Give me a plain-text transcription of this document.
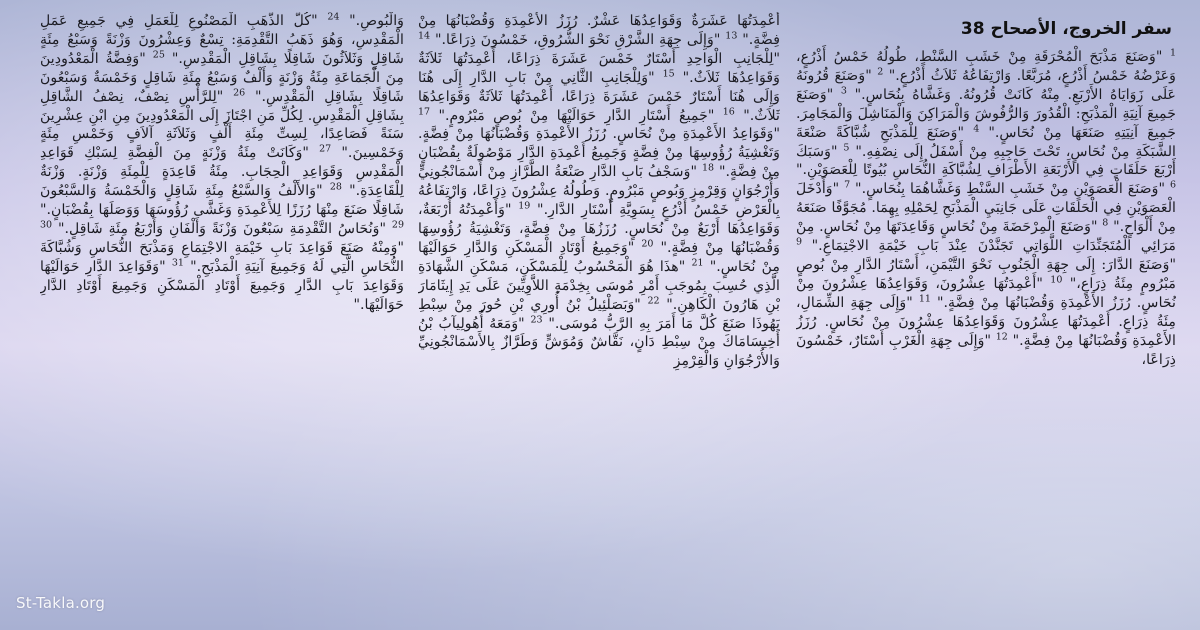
سفر الخروج، الأصحاح 38
$^1$ "وَصَنَعَ مَذْبَحَ الْمُحْرَقَةِ مِنْ خَشَبِ السَّنْطِ، طُولُهُ خَمْسُ أَذْرُعٍ، وَعَرْضُهُ خَمْسُ أَذْرُعٍ، مُرَبَّعًا. وَارْتِفَاعُهُ ثَلاَثُ أَذْرُعٍ." $^2$ "وَصَنَعَ قُرُونَهُ عَلَى زَوَايَاهُ الأَرْبَعِ. مِنْهُ كَانَتْ قُرُونُهُ. وَغَشَّاهُ بِنُحَاسٍ." $^3$ "وَصَنَعَ جَمِيعَ آنِيَةِ الْمَذْبَحِ: الْقُدُورَ وَالرُّفُوشَ وَالْمَرَاكِنَ وَالْمَنَاشِلَ وَالْمَجَامِرَ. جَمِيعَ آنِيَتِهِ صَنَعَهَا مِنْ نُحَاسٍ." $^4$ "وَصَنَعَ لِلْمَذْبَحِ شُبَّاكَةً صَنْعَةَ الشَّبَكَةِ مِنْ نُحَاسٍ، تَحْتَ حَاجِبِهِ مِنْ أَسْفَلُ إِلَى نِصْفِهِ." $^5$ "وَسَبَكَ أَرْبَعَ حَلَقَاتٍ فِي الأَرْبَعَةِ الأَطْرَافِ لِشُبَّاكَةِ النُّحَاسِ بُيُوتًا لِلْعَصَوَيْنِ." $^6$ "وَصَنَعَ الْعَصَوَيْنِ مِنْ خَشَبِ السَّنْطِ وَغَشَّاهُمَا بِنُحَاسٍ." $^7$ "وَأَدْخَلَ الْعَصَوَيْنِ فِي الْحَلَقَاتِ عَلَى جَانِبَيِ الْمَذْبَحِ لِحَمْلِهِ بِهِمَا. مُجَوَّفًا صَنَعَهُ مِنْ أَلْوَاحٍ." $^8$ "وَصَنَعَ الْمِرْحَضَةَ مِنْ نُحَاسٍ وَقَاعِدَتَهَا مِنْ نُحَاسٍ. مِنْ مَرَائِي الْمُتَجَنِّدَاتِ اللَّوَاتِي تَجَنَّدْنَ عِنْدَ بَابِ خَيْمَةِ الاجْتِمَاعِ." $^9$ "وَصَنَعَ الدَّارَ: إِلَى جِهَةِ الْجَنُوبِ نَحْوَ التَّيْمَنِ، أَسْتَارُ الدَّارِ مِنْ بُوصٍ مَبْرُومٍ مِئَةُ ذِرَاعٍ،" $^{10}$ "أَعْمِدَتُهَا عِشْرُونَ، وَقَوَاعِدُهَا عِشْرُونَ مِنْ نُحَاسٍ. رُزَزُ الأَعْمِدَةِ وَقُضْبَانُهَا مِنْ فِضَّةٍ." $^{11}$ "وَإِلَى جِهَةِ الشِّمَالِ، مِئَةُ ذِرَاعٍ. أَعْمِدَتُهَا عِشْرُونَ وَقَوَاعِدُهَا عِشْرُونَ مِنْ نُحَاسٍ. رُزَزُ الأَعْمِدَةِ وَقُضْبَانُهَا مِنْ فِضَّةٍ." $^{12}$ "وَإِلَى جِهَةِ الْغَرْبِ أَسْتَارٌ، خَمْسُونَ ذِرَاعًا،
أَعْمِدَتُهَا عَشَرَةٌ وَقَوَاعِدُهَا عَشْرٌ. رُزَزُ الأَعْمِدَةِ وَقُضْبَانُهَا مِنْ فِضَّةٍ." $^{13}$ "وَإِلَى جِهَةِ الشَّرْقِ نَحْوَ الشُّرُوقِ، خَمْسُونَ ذِرَاعًا." $^{14}$ "لِلْجَانِبِ الْوَاحِدِ أَسْتَارٌ خَمْسَ عَشَرَةَ ذِرَاعًا، أَعْمِدَتُهَا ثَلاَثَةٌ وَقَوَاعِدُهَا ثَلاَثٌ." $^{15}$ "وَلِلْجَانِبِ الثَّانِي مِنْ بَابِ الدَّارِ إِلَى هُنَا وَإِلَى هُنَا أَسْتَارٌ خَمْسَ عَشَرَةَ ذِرَاعًا، أَعْمِدَتُهَا ثَلاَثَةٌ وَقَوَاعِدُهَا ثَلاَثٌ." $^{16}$ "جَمِيعُ أَسْتَارِ الدَّارِ حَوَالَيْهَا مِنْ بُوصٍ مَبْرُومٍ." $^{17}$ "وَقَوَاعِدُ الأَعْمِدَةِ مِنْ نُحَاسٍ. رُزَزُ الأَعْمِدَةِ وَقُضْبَانُهَا مِنْ فِضَّةٍ. وَتَغْشِيَةُ رُؤُوسِهَا مِنْ فِضَّةٍ وَجَمِيعُ أَعْمِدَةِ الدَّارِ مَوْصُولَةٌ بِقُضْبَانٍ مِنْ فِضَّةٍ." $^{18}$ "وَسَجْفُ بَابِ الدَّارِ صَنْعَةُ الطَّرَّازِ مِنْ أَسْمَانْجُونِيٍّ وَأُرْجُوَانٍ وَقِرْمِزٍ وَبُوصٍ مَبْرُومٍ. وَطُولُهُ عِشْرُونَ ذِرَاعًا، وَارْتِفَاعُهُ بِالْعَرْضِ خَمْسُ أَذْرُعٍ بِسَوِيَّةِ أَسْتَارِ الدَّارِ." $^{19}$ "وَأَعْمِدَتُهُ أَرْبَعَةٌ، وَقَوَاعِدُهَا أَرْبَعٌ مِنْ نُحَاسٍ. رُزَزُهَا مِنْ فِضَّةٍ، وَتَغْشِيَةُ رُؤُوسِهَا وَقُضْبَانُهَا مِنْ فِضَّةٍ." $^{20}$ "وَجَمِيعُ أَوْتَادِ الْمَسْكَنِ وَالدَّارِ حَوَالَيْهَا مِنْ نُحَاسٍ." $^{21}$ "هذَا هُوَ الْمَحْسُوبُ لِلْمَسْكَنِ، مَسْكَنِ الشَّهَادَةِ الَّذِي حُسِبَ بِمُوجَبِ أَمْرِ مُوسَى بِخِدْمَةِ اللاَّوِيِّينَ عَلَى يَدِ إِيثَامَارَ بْنِ هَارُونَ الْكَاهِنِ." $^{22}$ "وَبَصَلْئِيلُ بْنُ أُورِي بْنِ حُورَ مِنْ سِبْطِ يَهُوذَا صَنَعَ كُلَّ مَا أَمَرَ بِهِ الرَّبُّ مُوسَى." $^{23}$ "وَمَعَهُ أُهُولِيآبُ بْنُ أَخِيسَامَاكَ مِنْ سِبْطِ دَانٍ، نَقَّاشٌ وَمُوَشٍّ وَطَرَّازٌ بِالأَسْمَانْجُونِيِّ وَالأُرْجُوَانِ وَالْقِرْمِزِ
وَالْبُوصِ." $^{24}$ "كُلُّ الذَّهَبِ الْمَصْنُوعِ لِلْعَمَلِ فِي جَمِيعِ عَمَلِ الْمَقْدِسِ، وَهُوَ ذَهَبُ التَّقْدِمَةِ: تِسْعٌ وَعِشْرُونَ وَزْنَةً وَسَبْعُ مِئَةٍ شَاقِلٍ وَثَلاَثُونَ شَاقِلًا بِشَاقِلِ الْمَقْدِسِ." $^{25}$ "وَفِضَّةُ الْمَعْدُودِينَ مِنَ الْجَمَاعَةِ مِئَةُ وَزْنَةٍ وَأَلْفٌ وَسَبْعُ مِئَةِ شَاقِلٍ وَخَمْسَةٌ وَسَبْعُونَ شَاقِلًا بِشَاقِلِ الْمَقْدِسِ." $^{26}$ "لِلرَّأْسِ نِصْفٌ، نِصْفُ الشَّاقِلِ بِشَاقِلِ الْمَقْدِسِ. لِكُلِّ مَنِ اجْتَازَ إِلَى الْمَعْدُودِينَ مِنِ ابْنِ عِشْرِينَ سَنَةً فَصَاعِدًا، لِسِتِّ مِئَةِ أَلْفٍ وَثَلاَثَةِ آلاَفٍ وَخَمْسِ مِئَةٍ وَخَمْسِينَ." $^{27}$ "وَكَانَتْ مِئَةُ وَزْنَةٍ مِنَ الْفِضَّةِ لِسَبْكِ قَوَاعِدِ الْمَقْدِسِ وَقَوَاعِدِ الْحِجَابِ. مِئَةُ قَاعِدَةٍ لِلْمِئَةِ وَزْنَةٍ. وَزْنَةٌ لِلْقَاعِدَةِ." $^{28}$ "وَالأَلْفُ وَالسَّبْعُ مِئَةِ شَاقِلٍ وَالْخَمْسَةُ وَالسَّبْعُونَ شَاقِلًا صَنَعَ مِنْهَا رُزَزًا لِلأَعْمِدَةِ وَغَشَّى رُؤُوسَهَا وَوَصَلَهَا بِقُضْبَانٍ." $^{29}$ "وَنُحَاسُ التَّقْدِمَةِ سَبْعُونَ وَزْنَةً وَأَلْفَانِ وَأَرْبَعُ مِئَةِ شَاقِلٍ." $^{30}$ "وَمِنْهُ صَنَعَ قَوَاعِدَ بَابِ خَيْمَةِ الاجْتِمَاعِ وَمَذْبَحَ النُّحَاسِ وَشُبَّاكَةَ النُّحَاسِ الَّتِي لَهُ وَجَمِيعَ آنِيَةِ الْمَذْبَحِ." $^{31}$ "وَقَوَاعِدَ الدَّارِ حَوَالَيْهَا وَقَوَاعِدَ بَابِ الدَّارِ وَجَمِيعَ أَوْتَادِ الْمَسْكَنِ وَجَمِيعَ أَوْتَادِ الدَّارِ حَوَالَيْهَا."
St-Takla.org
